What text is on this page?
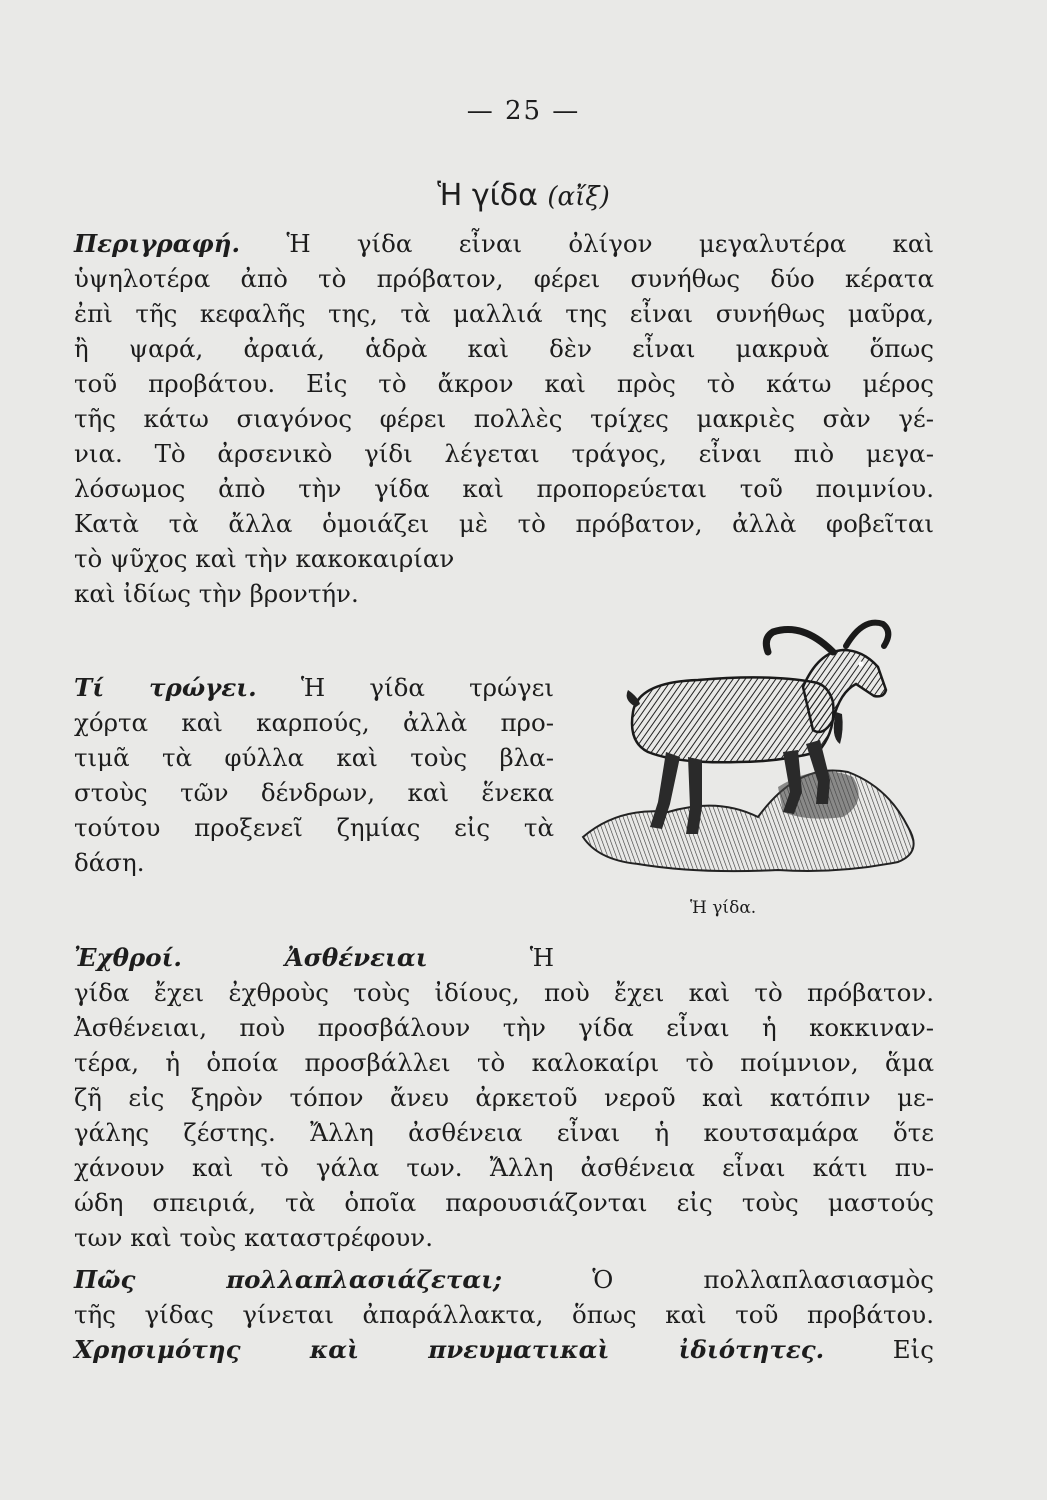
— 25 —
Ἡ γίδα (αἴξ)
Περιγραφή. Ἡ γίδα εἶναι ὀλίγον μεγαλυτέρα καὶ
ὑψηλοτέρα ἀπὸ τὸ πρόβατον, φέρει συνήθως δύο κέρατα
ἐπὶ τῆς κεφαλῆς της, τὰ μαλλιά της εἶναι συνήθως μαῦρα,
ἢ ψαρά, ἀραιά, ἁδρὰ καὶ δὲν εἶναι μακρυὰ ὅπως
τοῦ προβάτου. Εἰς τὸ ἄκρον καὶ πρὸς τὸ κάτω μέρος
τῆς κάτω σιαγόνος φέρει πολλὲς τρίχες μακριὲς σὰν γέ-
νια. Τὸ ἀρσενικὸ γίδι λέγεται τράγος, εἶναι πιὸ μεγα-
λόσωμος ἀπὸ τὴν γίδα καὶ προπορεύεται τοῦ ποιμνίου.
Κατὰ τὰ ἄλλα ὁμοιάζει μὲ τὸ πρόβατον, ἀλλὰ φοβεῖται
τὸ ψῦχος καὶ τὴν κακοκαιρίαν
καὶ ἰδίως τὴν βροντήν.
Τί τρώγει. Ἡ γίδα τρώγει
χόρτα καὶ καρπούς, ἀλλὰ προ-
τιμᾶ τὰ φύλλα καὶ τοὺς βλα-
στοὺς τῶν δένδρων, καὶ ἕνεκα
τούτου προξενεῖ ζημίας εἰς τὰ
δάση.
Ἡ γίδα.
Ἐχθροί. Ἀσθένειαι	Ἡ
γίδα ἔχει ἐχθροὺς τοὺς ἰδίους, ποὺ ἔχει καὶ τὸ πρόβατον.
Ἀσθένειαι, ποὺ προσβάλουν τὴν γίδα εἶναι ἡ κοκκιναν-
τέρα, ἡ ὁποία προσβάλλει τὸ καλοκαίρι τὸ ποίμνιον, ἅμα
ζῆ εἰς ξηρὸν τόπον ἄνευ ἀρκετοῦ νεροῦ καὶ κατόπιν με-
γάλης ζέστης. Ἄλλη ἀσθένεια εἶναι ἡ κουτσαμάρα ὅτε
χάνουν καὶ τὸ γάλα των. Ἄλλη ἀσθένεια εἶναι κάτι πυ-
ώδη σπειριά, τὰ ὁποῖα παρουσιάζονται εἰς τοὺς μαστούς
των καὶ τοὺς καταστρέφουν.
Πῶς πολλαπλασιάζεται;	Ὁ πολλαπλασιασμὸς
τῆς γίδας γίνεται ἀπαράλλακτα, ὅπως καὶ τοῦ προβάτου.
Χρησιμότης καὶ πνευματικαὶ ἰδιότητες.	Εἰς
